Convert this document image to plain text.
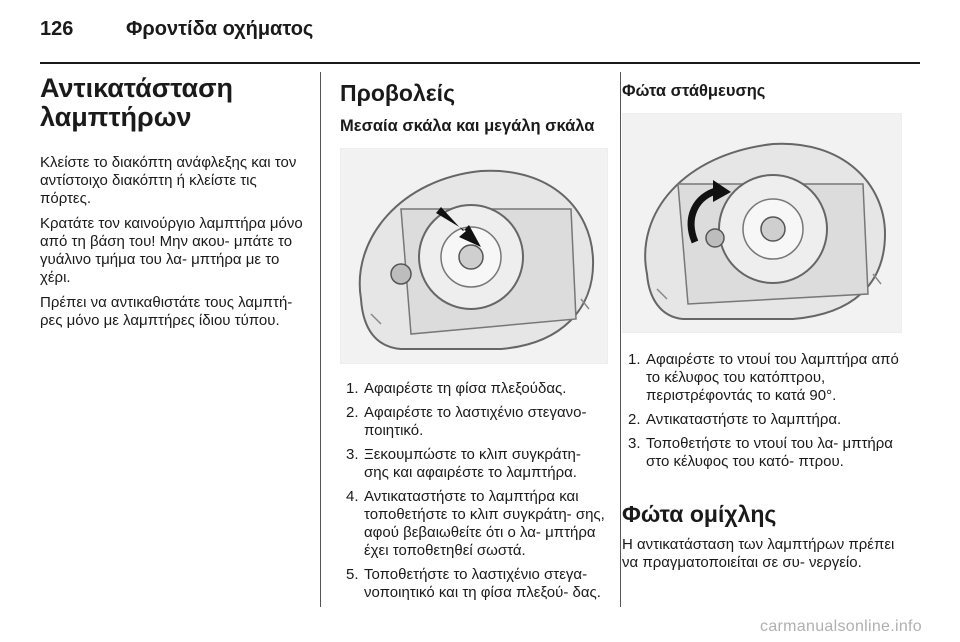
126	Φροντίδα οχήματος
Αντικατάσταση λαμπτήρων

Κλείστε το διακόπτη ανάφλεξης και τον αντίστοιχο διακόπτη ή κλείστε τις πόρτες.

Κρατάτε τον καινούργιο λαμπτήρα μόνο από τη βάση του! Μην ακου- μπάτε το γυάλινο τμήμα του λα- μπτήρα με το χέρι.

Πρέπει να αντικαθιστάτε τους λαμπτή- ρες μόνο με λαμπτήρες ίδιου τύπου.

Προβολείς
Μεσαία σκάλα και μεγάλη σκάλα
1. Αφαιρέστε τη φίσα πλεξούδας.
2. Αφαιρέστε το λαστιχένιο στεγανο- ποιητικό.
3. Ξεκουμπώστε το κλιπ συγκράτη- σης και αφαιρέστε το λαμπτήρα.
4. Αντικαταστήστε το λαμπτήρα και τοποθετήστε το κλιπ συγκράτη- σης, αφού βεβαιωθείτε ότι ο λα- μπτήρα έχει τοποθετηθεί σωστά.
5. Τοποθετήστε το λαστιχένιο στεγα- νοποιητικό και τη φίσα πλεξού- δας.
Φώτα στάθμευσης
1. Αφαιρέστε το ντουί του λαμπτήρα από το κέλυφος του κατόπτρου, περιστρέφοντάς το κατά 90°.
2. Αντικαταστήστε το λαμπτήρα.
3. Τοποθετήστε το ντουί του λα- μπτήρα στο κέλυφος του κατό- πτρου.
Φώτα ομίχλης

Η αντικατάσταση των λαμπτήρων πρέπει να πραγματοποιείται σε συ- νεργείο.

carmanualsonline.info
